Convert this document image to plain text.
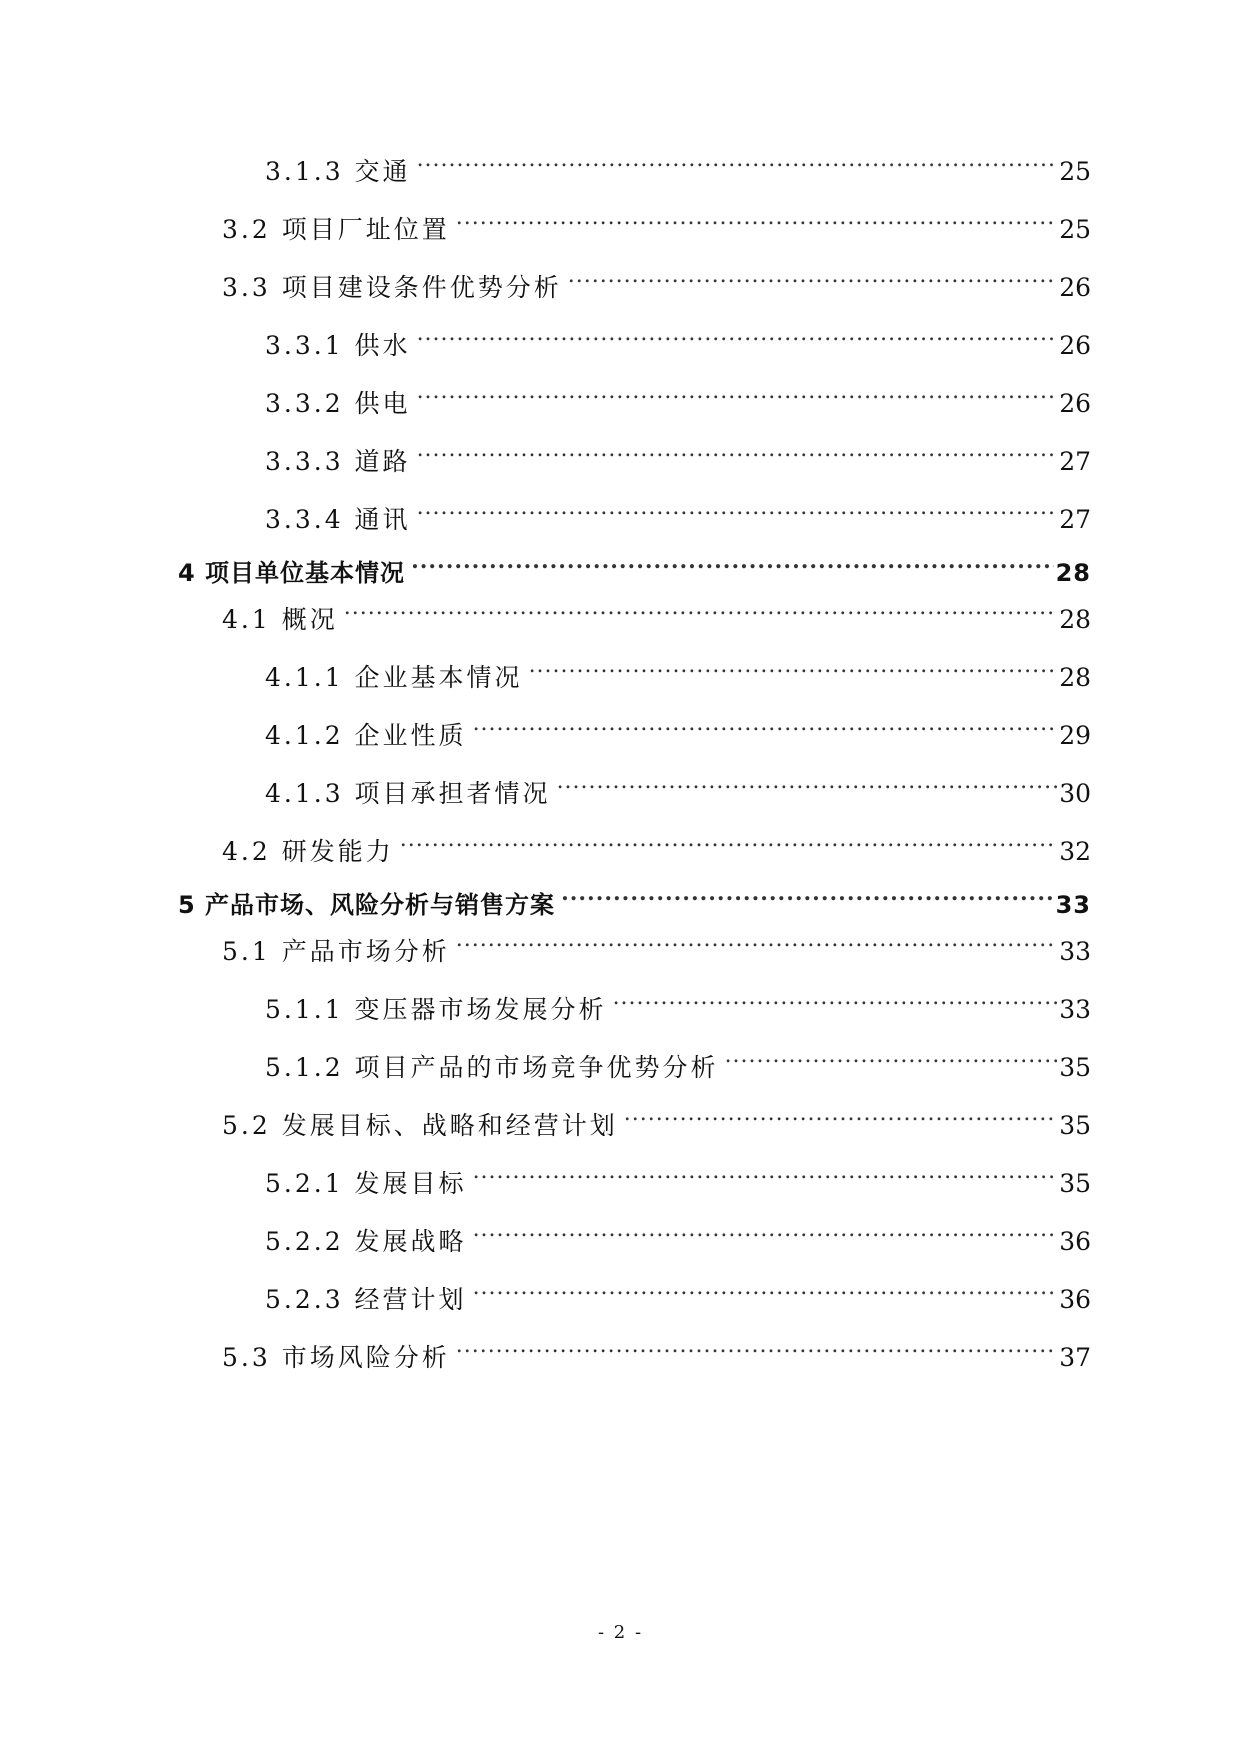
3.1.3 交通 .....	25
3.2 项目厂址位置 .....	25
3.3 项目建设条件优势分析 .....	26
3.3.1 供水 .....	26
3.3.2 供电 .....	26
3.3.3 道路 .....	27
3.3.4 通讯 .....	27
4 项目单位基本情况 .....	28
4.1 概况 .....	28
4.1.1 企业基本情况 .....	28
4.1.2 企业性质 .....	29
4.1.3 项目承担者情况 .....	30
4.2 研发能力 .....	32
5 产品市场、风险分析与销售方案 .....	33
5.1 产品市场分析 .....	33
5.1.1 变压器市场发展分析 .....	33
5.1.2 项目产品的市场竞争优势分析 .....	35
5.2 发展目标、战略和经营计划 .....	35
5.2.1 发展目标 .....	35
5.2.2 发展战略 .....	36
5.2.3 经营计划 .....	36
5.3 市场风险分析 .....	37
- 2 -
